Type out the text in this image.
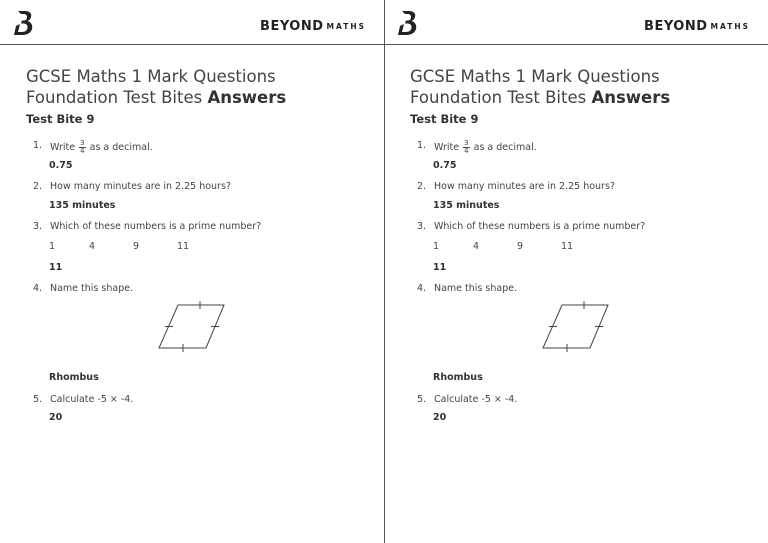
BEYOND MATHS
GCSE Maths 1 Mark Questions
Foundation Test Bites Answers
Test Bite 9
1. Write $\frac{3}{4}$ as a decimal.
0.75
2. How many minutes are in 2.25 hours?
135 minutes
3. Which of these numbers is a prime number?
1	4	9	11
11
4. Name this shape.
Rhombus
5. Calculate -5 × -4.
20
BEYOND MATHS
GCSE Maths 1 Mark Questions
Foundation Test Bites Answers
Test Bite 9
1. Write $\frac{3}{4}$ as a decimal.
0.75
2. How many minutes are in 2.25 hours?
135 minutes
3. Which of these numbers is a prime number?
1	4	9	11
11
4. Name this shape.
Rhombus
5. Calculate -5 × -4.
20
